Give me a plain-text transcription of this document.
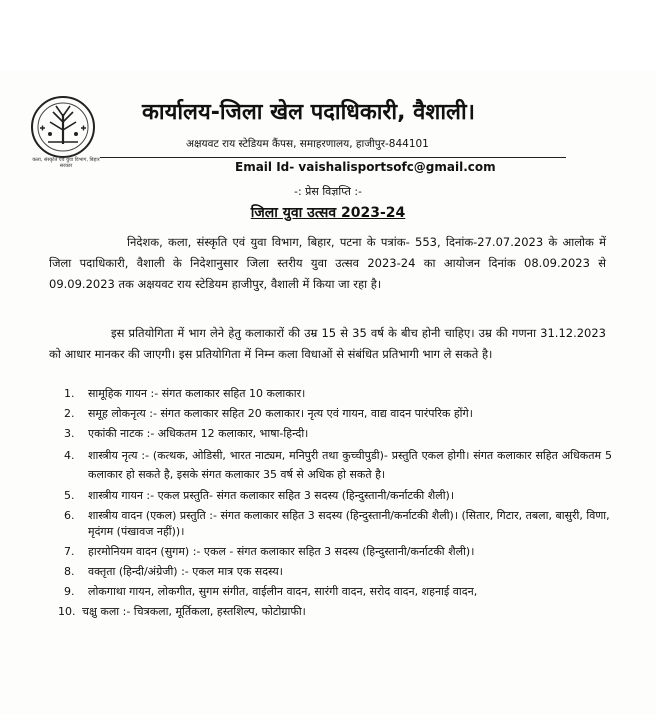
कला, संस्कृति एवं युवा विभाग, बिहार सरकार
कार्यालय-जिला खेल पदाधिकारी, वैशाली।
अक्षयवट राय स्टेडियम कैंपस, समाहरणालय, हाजीपुर-844101
Email Id- vaishalisportsofc@gmail.com
-: प्रेस विज्ञप्ति :-
जिला युवा उत्सव 2023-24
निदेशक, कला, संस्कृति एवं युवा विभाग, बिहार, पटना के पत्रांक- 553, दिनांक-27.07.2023 के आलोक में जिला पदाधिकारी, वैशाली के निदेशानुसार जिला स्तरीय युवा उत्सव 2023-24 का आयोजन दिनांक 08.09.2023 से 09.09.2023 तक अक्षयवट राय स्टेडियम हाजीपुर, वैशाली में किया जा रहा है।
इस प्रतियोगिता में भाग लेने हेतु कलाकारों की उम्र 15 से 35 वर्ष के बीच होनी चाहिए। उम्र की गणना 31.12.2023 को आधार मानकर की जाएगी। इस प्रतियोगिता में निम्न कला विधाओं से संबंधित प्रतिभागी भाग ले सकते है।
1. सामूहिक गायन :- संगत कलाकार सहित 10 कलाकार।
2. समूह लोकनृत्य :- संगत कलाकार सहित 20 कलाकार। नृत्य एवं गायन, वाद्य वादन पारंपरिक होंगे।
3. एकांकी नाटक :- अधिकतम 12 कलाकार, भाषा-हिन्दी।
4. शास्त्रीय नृत्य :- (कत्थक, ओडिसी, भारत नाट्यम, मनिपुरी तथा कुच्चीपुडी)- प्रस्तुति एकल होगी। संगत कलाकार सहित अधिकतम 5 कलाकार हो सकते है, इसके संगत कलाकार 35 वर्ष से अधिक हो सकते है।
5. शास्त्रीय गायन :- एकल प्रस्तुति- संगत कलाकार सहित 3 सदस्य (हिन्दुस्तानी/कर्नाटकी शैली)।
6. शास्त्रीय वादन (एकल) प्रस्तुति :- संगत कलाकार सहित 3 सदस्य (हिन्दुस्तानी/कर्नाटकी शैली)। (सितार, गिटार, तबला, बासुरी, विणा, मृदंगम (पंखावज नहीं))।
7. हारमोनियम वादन (सुगम) :- एकल - संगत कलाकार सहित 3 सदस्य (हिन्दुस्तानी/कर्नाटकी शैली)।
8. वक्तृता (हिन्दी/अंग्रेजी) :- एकल मात्र एक सदस्य।
9. लोकगाथा गायन, लोकगीत, सुगम संगीत, वाईलीन वादन, सारंगी वादन, सरोद वादन, शहनाई वादन,
10. चक्षु कला :- चित्रकला, मूर्तिकला, हस्तशिल्प, फोटोग्राफी।
